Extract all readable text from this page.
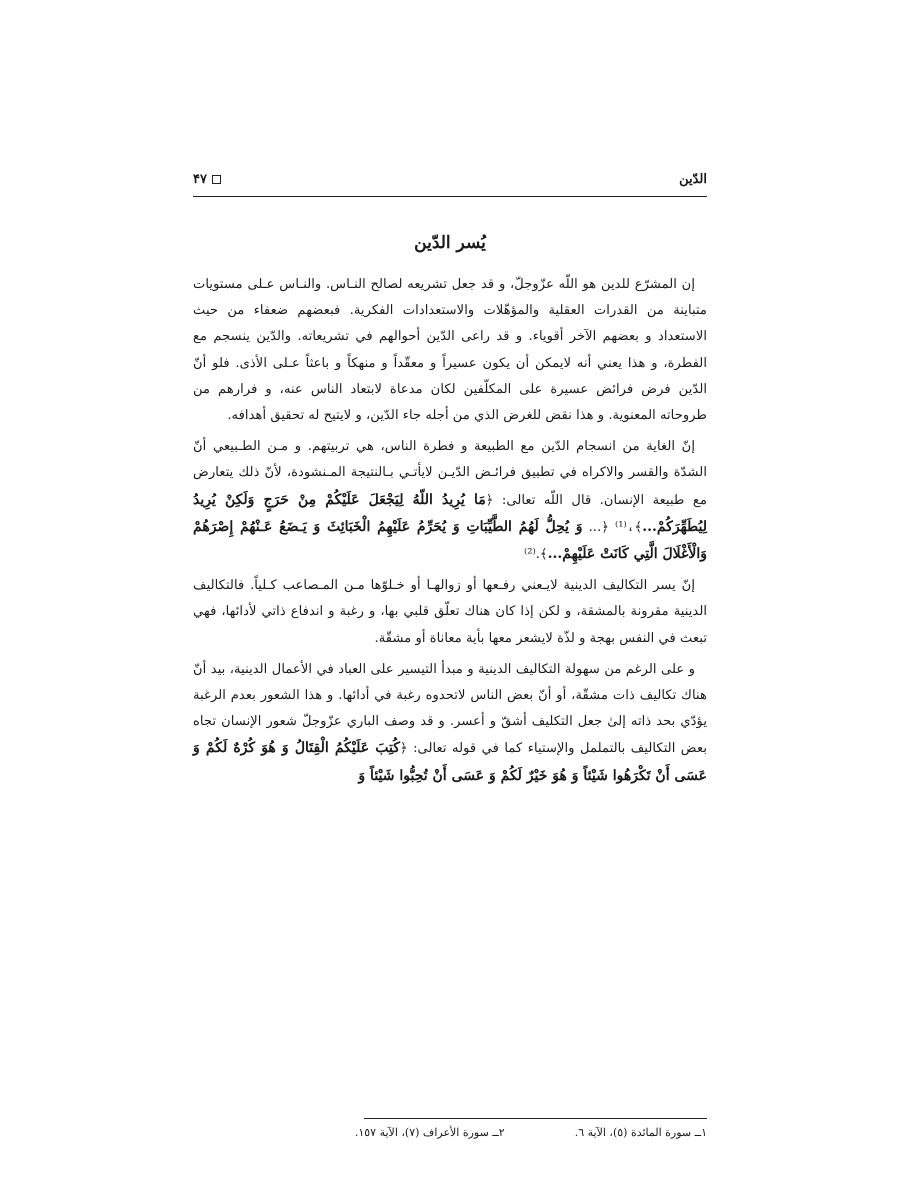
الدّين
۴۷
يُسر الدّين

إن المشرّع للدين هو اللّه عزّوجلّ، و قد جعل تشريعه لصالح النـاس. والنـاس عـلى مستويات متباينة من القدرات العقلية والمؤهّلات والاستعدادات الفكرية. فبعضهم ضعفاء من حيث الاستعداد و بعضهم الآخر أقوياء. و قد راعى الدّين أحوالهم في تشريعاته. والدّين ينسجم مع الفطرة، و هذا يعني أنه لايمكن أن يكون عسيراً و معقّداً و منهكاً و باعثاً عـلى الأذى. فلو أنّ الدّين فرض فرائض عسيرة على المكلّفين لكان مدعاة لابتعاد الناس عنه، و فرارهم من طروحاته المعنوية. و هذا نقض للغرض الذي من أجله جاء الدّين، و لايتيح له تحقيق أهدافه.

إنّ الغاية من انسجام الدّين مع الطبيعة و فطرة الناس، هي تربيتهم. و مـن الطـبيعي أنّ الشدّة والقسر والاكراه في تطبيق فرائـض الدّيـن لايأتـي بـالنتيجة المـنشودة، لأنّ ذلك يتعارض مع طبيعة الإنسان. قال اللّه تعالى: ﴿مَا يُرِيدُ اللّهُ لِيَجْعَلَ عَلَيْكُمْ مِنْ حَرَجٍ وَلَكِنْ يُرِيدُ لِيُطَهِّرَكُمْ...﴾،⁽¹⁾ ﴿... وَ يُحِلُّ لَهُمُ الطَّيِّبَاتِ وَ يُحَرِّمُ عَلَيْهِمُ الْخَبَائِثَ وَ يَـضَعُ عَـنْهُمْ إِصْرَهُمْ وَالْأَغْلَالَ الَّتِي كَانَتْ عَلَيْهِمْ...﴾.⁽²⁾

إنّ يسر التكاليف الدينية لايـعني رفـعها أو زوالهـا أو خـلوّها مـن المـصاعب كـلياً. فالتكاليف الدينية مقرونة بالمشقة، و لكن إذا كان هناك تعلّق قلبي بها، و رغبة و اندفاع ذاتي لأدائها، فهي تبعث في النفس بهجة و لذّة لايشعر معها بأية معاناة أو مشقّة.

و على الرغم من سهولة التكاليف الدينية و مبدأ التيسير على العباد في الأعمال الدينية، بيد أنّ هناك تكاليف ذات مشقّة، أو أنّ بعض الناس لاتحدوه رغبة في أدائها. و هذا الشعور بعدم الرغبة يؤدّي بحد ذاته إلىٰ جعل التكليف أشقّ و أعسر. و قد وصف الباري عزّوجلّ شعور الإنسان تجاه بعض التكاليف بالتململ والإستياء كما في قوله تعالى: ﴿كُتِبَ عَلَيْكُمُ الْقِتَالُ وَ هُوَ كُرْهٌ لَكُمْ وَ عَسَى أَنْ تَكْرَهُوا شَيْئاً وَ هُوَ خَيْرٌ لَكُمْ وَ عَسَى أَنْ تُحِبُّوا شَيْئاً وَ

١ــ سورة المائدة (٥)، الآية ٦.
٢ــ سورة الأعراف (٧)، الآية ١٥٧.
